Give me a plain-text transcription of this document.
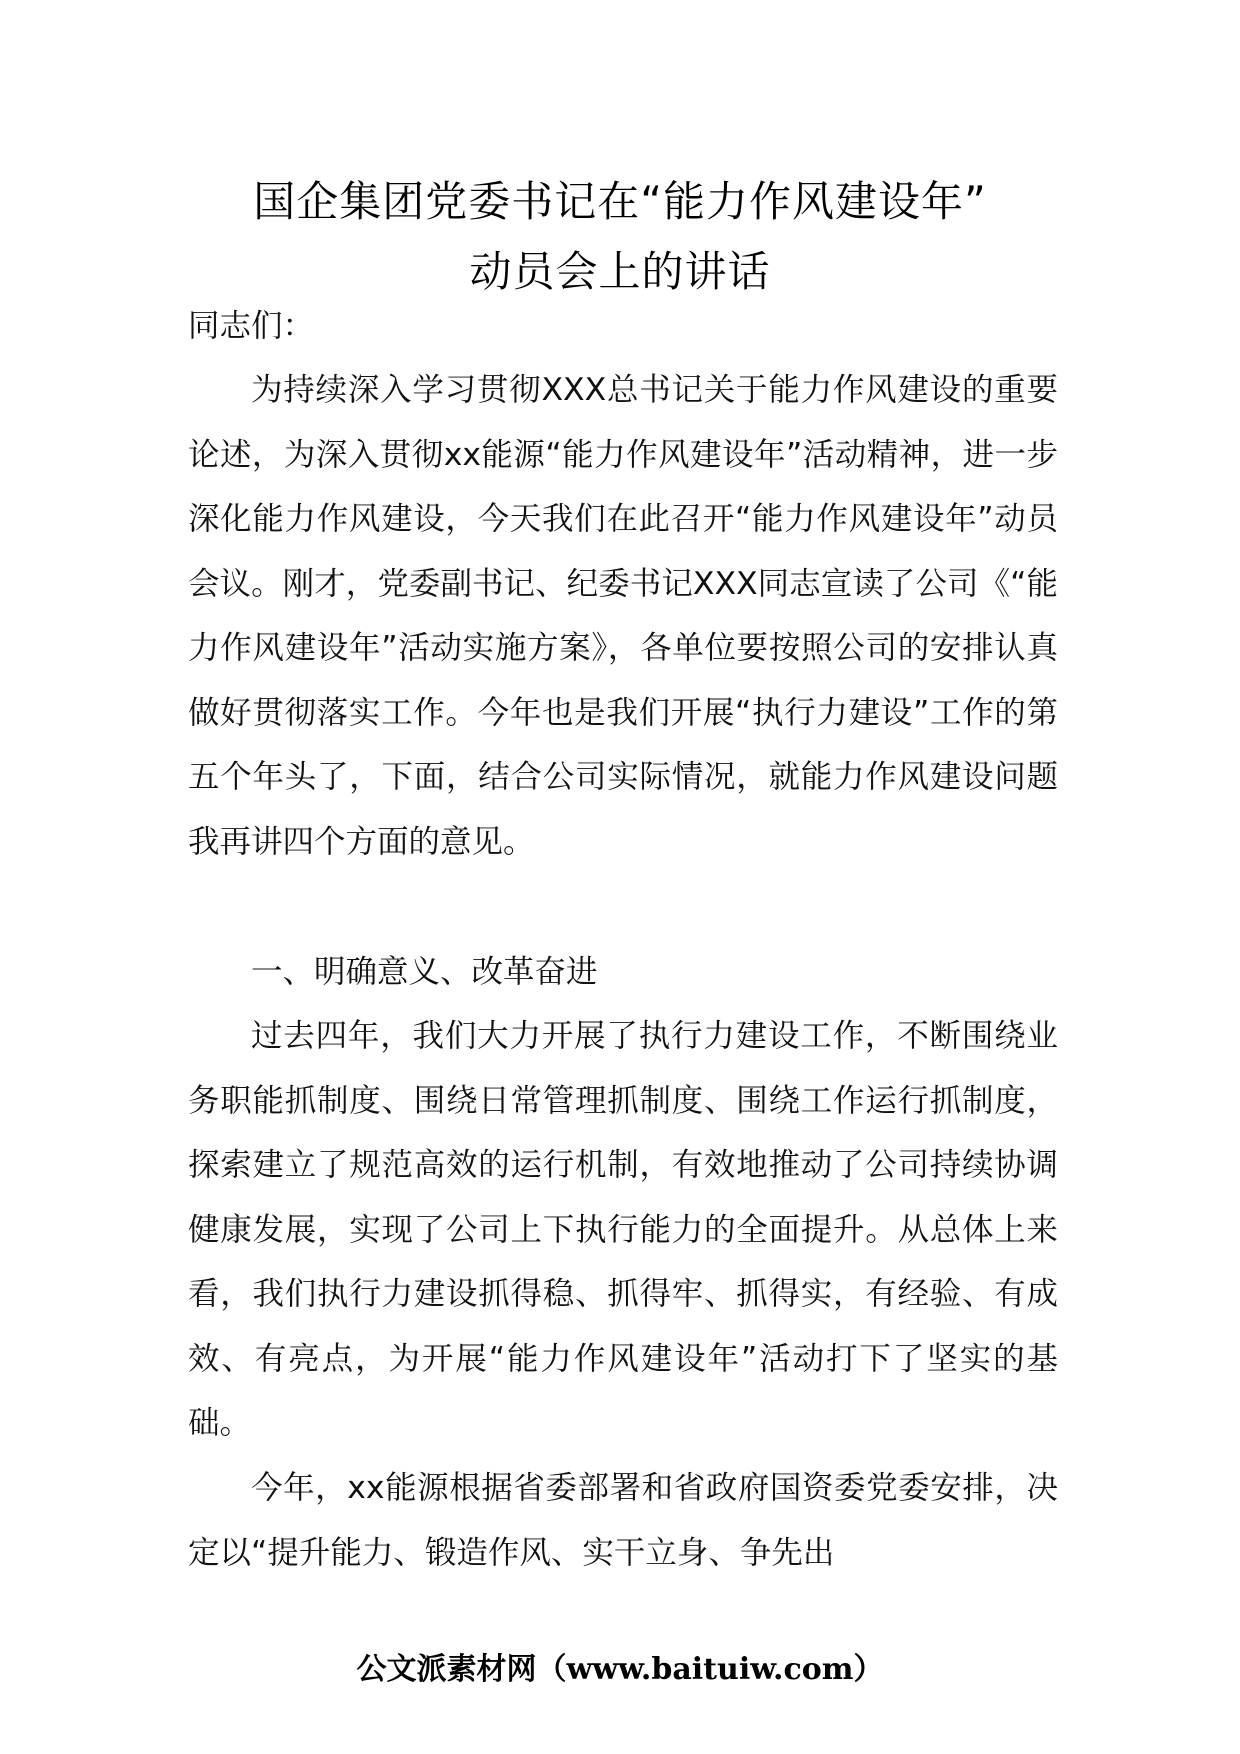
国企集团党委书记在“能力作风建设年”
动员会上的讲话
同志们：

为持续深入学习贯彻XXX总书记关于能力作风建设的重要论述，为深入贯彻xx能源“能力作风建设年”活动精神，进一步深化能力作风建设，今天我们在此召开“能力作风建设年”动员会议。刚才，党委副书记、纪委书记XXX同志宣读了公司《“能力作风建设年”活动实施方案》，各单位要按照公司的安排认真做好贯彻落实工作。今年也是我们开展“执行力建设”工作的第五个年头了，下面，结合公司实际情况，就能力作风建设问题我再讲四个方面的意见。

一、明确意义、改革奋进

过去四年，我们大力开展了执行力建设工作，不断围绕业务职能抓制度、围绕日常管理抓制度、围绕工作运行抓制度，探索建立了规范高效的运行机制，有效地推动了公司持续协调健康发展，实现了公司上下执行能力的全面提升。从总体上来看，我们执行力建设抓得稳、抓得牢、抓得实，有经验、有成效、有亮点，为开展“能力作风建设年”活动打下了坚实的基础。

今年，xx能源根据省委部署和省政府国资委党委安排，决定以“提升能力、锻造作风、实干立身、争先出

公文派素材网（www.baituiw.com）
